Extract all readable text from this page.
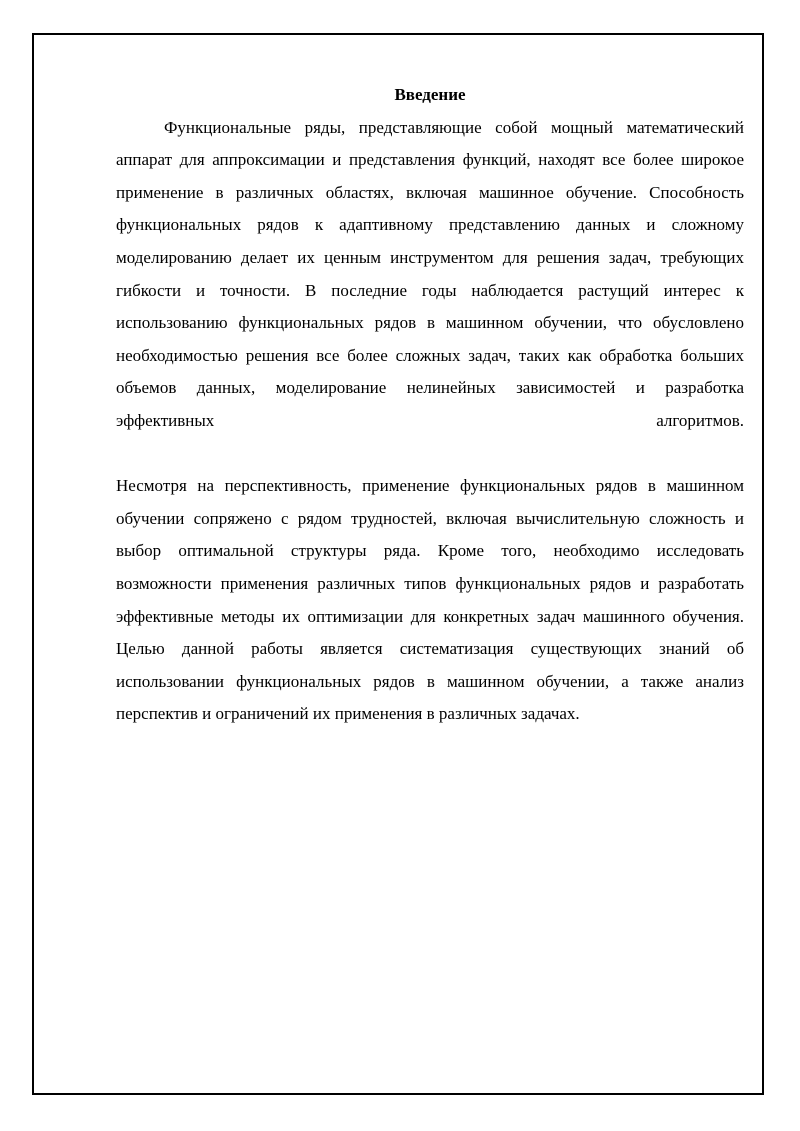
Введение

Функциональные ряды, представляющие собой мощный математический аппарат для аппроксимации и представления функций, находят все более широкое применение в различных областях, включая машинное обучение. Способность функциональных рядов к адаптивному представлению данных и сложному моделированию делает их ценным инструментом для решения задач, требующих гибкости и точности. В последние годы наблюдается растущий интерес к использованию функциональных рядов в машинном обучении, что обусловлено необходимостью решения все более сложных задач, таких как обработка больших объемов данных, моделирование нелинейных зависимостей и разработка эффективных алгоритмов.

Несмотря на перспективность, применение функциональных рядов в машинном обучении сопряжено с рядом трудностей, включая вычислительную сложность и выбор оптимальной структуры ряда. Кроме того, необходимо исследовать возможности применения различных типов функциональных рядов и разработать эффективные методы их оптимизации для конкретных задач машинного обучения. Целью данной работы является систематизация существующих знаний об использовании функциональных рядов в машинном обучении, а также анализ перспектив и ограничений их применения в различных задачах.
